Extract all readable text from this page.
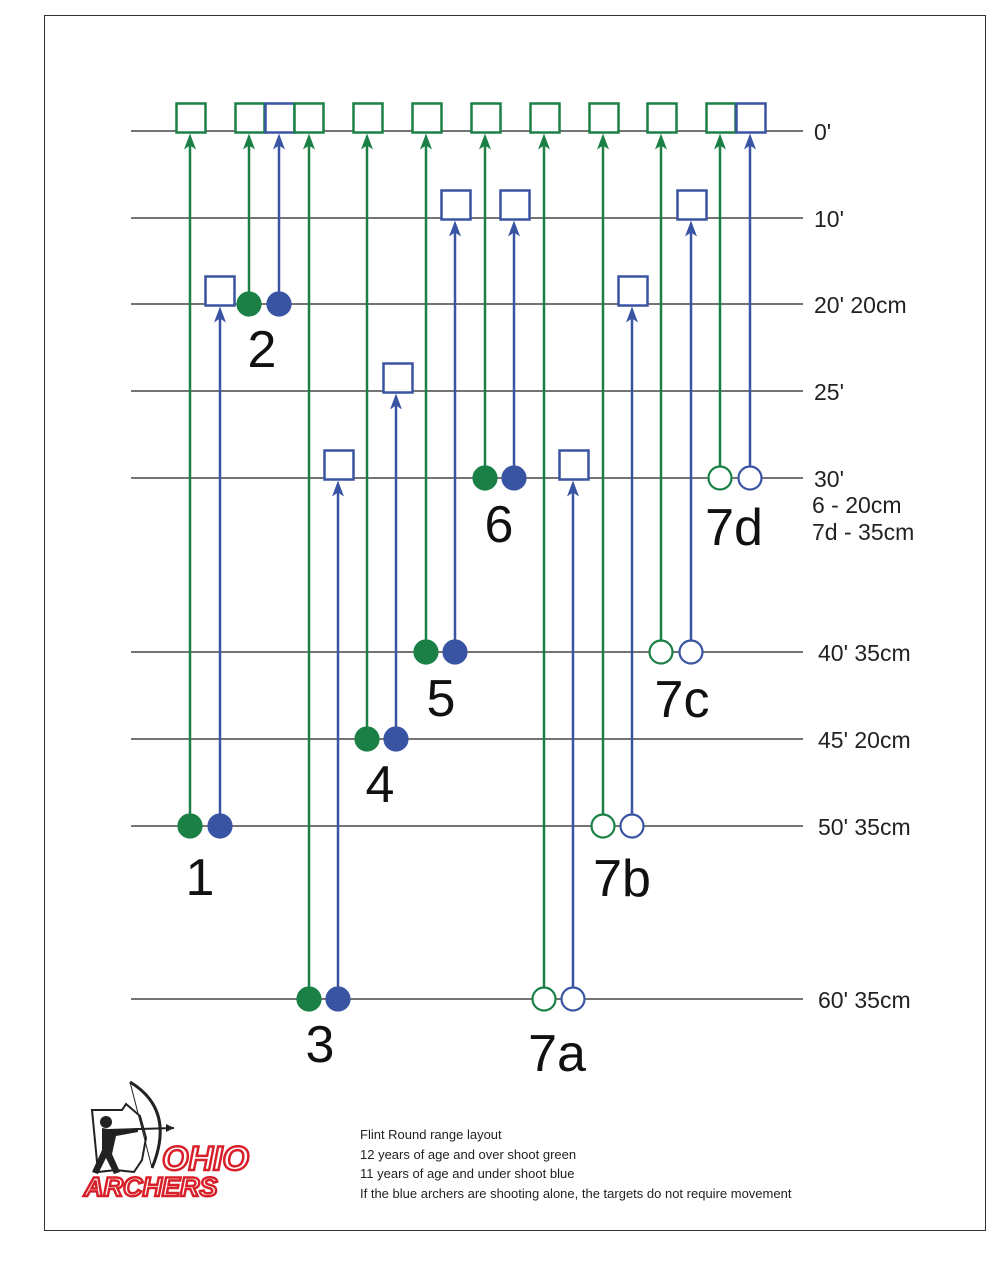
0'
10'
20' 20cm
25'
30'
6 - 20cm
7d - 35cm
40' 35cm
45' 20cm
50' 35cm
60' 35cm
1
2
3
4
5
6
7a
7b
7c
7d
OHIO
ARCHERS
Flint Round range layout
12 years of age and over shoot green
11 years of age and under shoot blue
If the blue archers are shooting alone, the targets do not require movement
